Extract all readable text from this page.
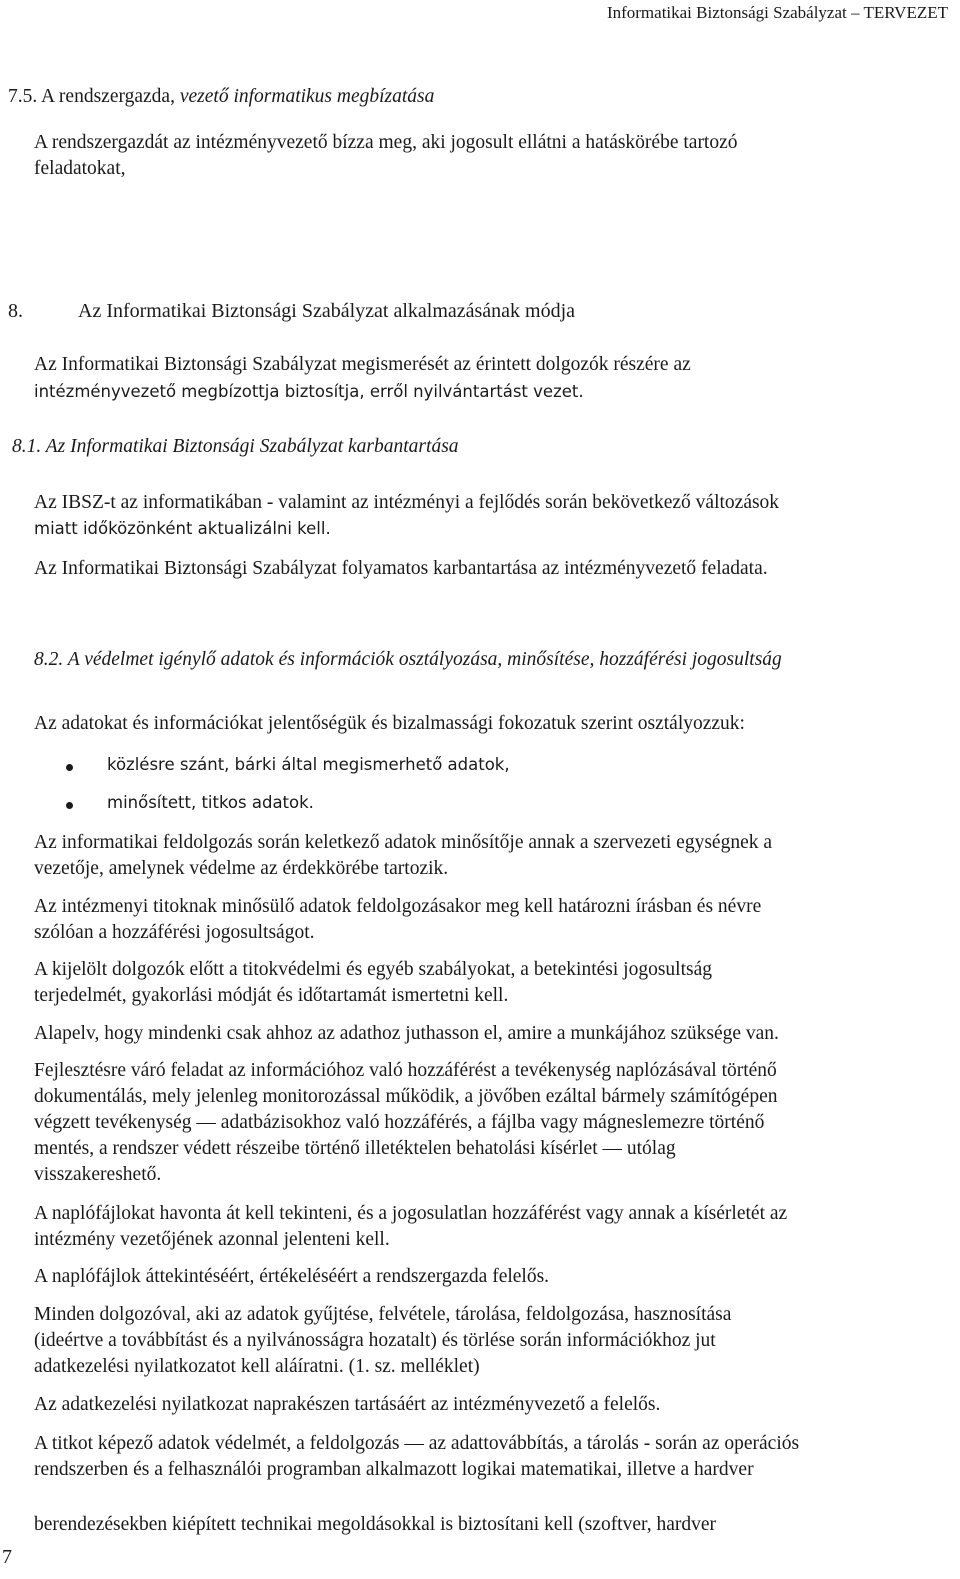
Informatikai Biztonsági Szabályzat – TERVEZET
7.5. A rendszergazda, vezető informatikus megbízatása
A rendszergazdát az intézményvezető bízza meg, aki jogosult ellátni a hatáskörébe tartozó
feladatokat,
8.	Az Informatikai Biztonsági Szabályzat alkalmazásának módja
Az Informatikai Biztonsági Szabályzat megismerését az érintett dolgozók részére az
intézményvezető megbízottja biztosítja, erről nyilvántartást vezet.
8.1. Az Informatikai Biztonsági Szabályzat karbantartása
Az IBSZ-t az informatikában - valamint az intézményi a fejlődés során bekövetkező változások
miatt időközönként aktualizálni kell.
Az Informatikai Biztonsági Szabályzat folyamatos karbantartása az intézményvezető feladata.
8.2. A védelmet igénylő adatok és információk osztályozása, minősítése, hozzáférési jogosultság
Az adatokat és információkat jelentőségük és bizalmassági fokozatuk szerint osztályozzuk:
közlésre szánt, bárki által megismerhető adatok,
minősített, titkos adatok.
Az informatikai feldolgozás során keletkező adatok minősítője annak a szervezeti egységnek a
vezetője, amelynek védelme az érdekkörébe tartozik.
Az intézmenyi titoknak minősülő adatok feldolgozásakor meg kell határozni írásban és névre
szólóan a hozzáférési jogosultságot.
A kijelölt dolgozók előtt a titokvédelmi és egyéb szabályokat, a betekintési jogosultság
terjedelmét, gyakorlási módját és időtartamát ismertetni kell.
Alapelv, hogy mindenki csak ahhoz az adathoz juthasson el, amire a munkájához szüksége van.
Fejlesztésre váró feladat az információhoz való hozzáférést a tevékenység naplózásával történő
dokumentálás, mely jelenleg monitorozással működik, a jövőben ezáltal bármely számítógépen
végzett tevékenység — adatbázisokhoz való hozzáférés, a fájlba vagy mágneslemezre történő
mentés, a rendszer védett részeibe történő illetéktelen behatolási kísérlet — utólag
visszakereshető.
A naplófájlokat havonta át kell tekinteni, és a jogosulatlan hozzáférést vagy annak a kísérletét az
intézmény vezetőjének azonnal jelenteni kell.
A naplófájlok áttekintéséért, értékeléséért a rendszergazda felelős.
Minden dolgozóval, aki az adatok gyűjtése, felvétele, tárolása, feldolgozása, hasznosítása
(ideértve a továbbítást és a nyilvánosságra hozatalt) és törlése során információkhoz jut
adatkezelési nyilatkozatot kell aláíratni. (1. sz. melléklet)
Az adatkezelési nyilatkozat naprakészen tartásáért az intézményvezető a felelős.
A titkot képező adatok védelmét, a feldolgozás — az adattovábbítás, a tárolás - során az operációs
rendszerben és a felhasználói programban alkalmazott logikai matematikai, illetve a hardver
berendezésekben kiépített technikai megoldásokkal is biztosítani kell (szoftver, hardver
7
